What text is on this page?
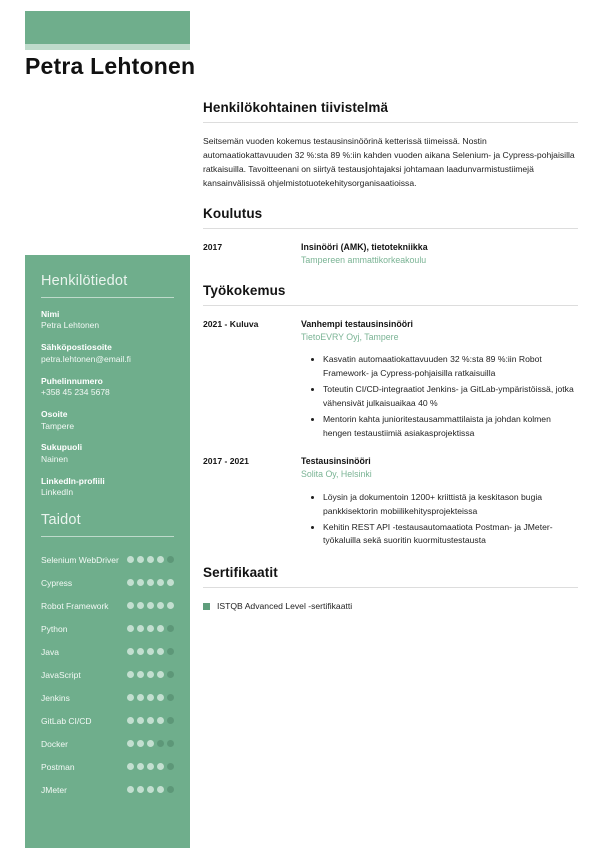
Petra Lehtonen
Henkilötiedot
Nimi
Petra Lehtonen
Sähköpostiosoite
petra.lehtonen@email.fi
Puhelinnumero
+358 45 234 5678
Osoite
Tampere
Sukupuoli
Nainen
LinkedIn-profiili
LinkedIn
Taidot
Selenium WebDriver
Cypress
Robot Framework
Python
Java
JavaScript
Jenkins
GitLab CI/CD
Docker
Postman
JMeter
Henkilökohtainen tiivistelmä

Seitsemän vuoden kokemus testausinsinöörinä ketterissä tiimeissä. Nostin automaatiokattavuuden 32 %:sta 89 %:iin kahden vuoden aikana Selenium- ja Cypress-pohjaisilla ratkaisuilla. Tavoitteenani on siirtyä testausjohtajaksi johtamaan laadunvarmistustiimejä kansainvälisissä ohjelmistotuotekehitysorganisaatioissa.

Koulutus
2017	Insinööri (AMK), tietotekniikka
Tampereen ammattikorkeakoulu
Työkokemus
2021 - Kuluva	Vanhempi testausinsinööri
TietoEVRY Oyj, Tampere
• Kasvatin automaatiokattavuuden 32 %:sta 89 %:iin Robot Framework- ja Cypress-pohjaisilla ratkaisuilla
• Toteutin CI/CD-integraatiot Jenkins- ja GitLab-ympäristöissä, jotka vähensivät julkaisuaikaa 40 %
• Mentorin kahta junioritestausammattilaista ja johdan kolmen hengen testaustiimiä asiakasprojektissa
2017 - 2021	Testausinsinööri
Solita Oy, Helsinki
• Löysin ja dokumentoin 1200+ kriittistä ja keskitason bugia pankkisektorin mobiilikehitysprojekteissa
• Kehitin REST API -testausautomaatiota Postman- ja JMeter-työkaluilla sekä suoritin kuormitustestausta
Sertifikaatit
ISTQB Advanced Level -sertifikaatti
